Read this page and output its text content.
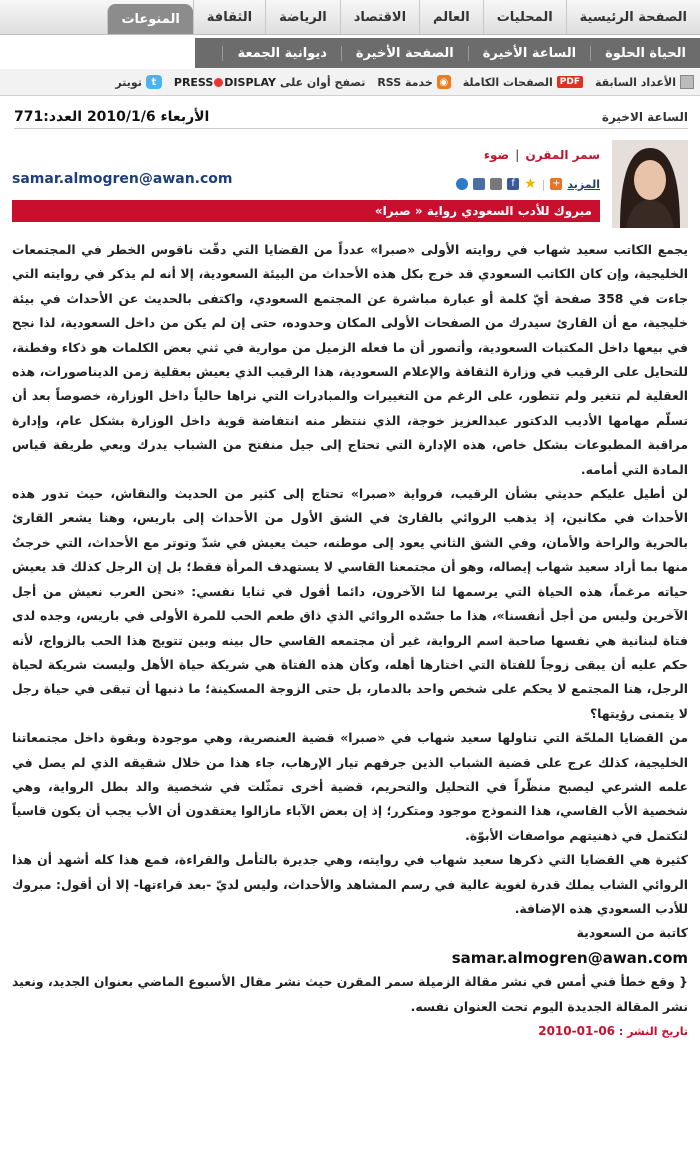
الصفحة الرئيسية
المحليات
العالم
الاقتصاد
الرياضة
الثقافة
المنوعات
الحياة الحلوة
الساعة الأخيرة
الصفحة الأخيرة
ديوانية الجمعة
الأعداد السابقة
PDF
الصفحات الكاملة
◉
خدمة RSS
تصفح أوان على
PRESS DISPLAY
t
تويتر
الساعة الاخيرة
الأربعاء 2010/1/6 العدد:771
سمر المقرن|ضوء
المزيد
+
|
★
f
samar.almogren@awan.com
مبروك للأدب السعودي رواية « صبرا»

يجمع الكاتب سعيد شهاب في روايته الأولى «صبرا» عدداً من القضايا التي دقّت ناقوس الخطر في المجتمعات الخليجية، وإن كان الكاتب السعودي قد خرج بكل هذه الأحداث من البيئة السعودية، إلا أنه لم يذكر في روايته التي جاءت في 358 صفحة أيّ كلمة أو عبارة مباشرة عن المجتمع السعودي، واكتفى بالحديث عن الأحداث في بيئة خليجية، مع أن القارئ سيدرك من الصفحات الأولى المكان وحدوده، حتى إن لم يكن من داخل السعودية، لذا نجح في بيعها داخل المكتبات السعودية، وأتصور أن ما فعله الزميل من موارية في ثني بعض الكلمات هو ذكاء وفطنة، للتحايل على الرقيب في وزارة الثقافة والإعلام السعودية، هذا الرقيب الذي يعيش بعقلية زمن الديناصورات، هذه العقلية لم تتغير ولم تتطور، على الرغم من التغييرات والمبادرات التي نراها حالياً داخل الوزارة، خصوصاً بعد أن تسلّم مهامها الأديب الدكتور عبدالعزيز خوجة، الذي ننتظر منه انتفاضة قوية داخل الوزارة بشكل عام، وإدارة مراقبة المطبوعات بشكل خاص، هذه الإدارة التي تحتاج إلى جيل منفتح من الشباب يدرك ويعي طريقة قياس المادة التي أمامه.

لن أطيل عليكم حديثي بشأن الرقيب، فرواية «صبرا» تحتاج إلى كثير من الحديث والنقاش، حيث تدور هذه الأحداث في مكانين، إذ يذهب الروائي بالقارئ في الشق الأول من الأحداث إلى باريس، وهنا يشعر القارئ بالحرية والراحة والأمان، وفي الشق الثاني يعود إلى موطنه، حيث يعيش في شدّ وتوتر مع الأحداث، التي خرجتُ منها بما أراد سعيد شهاب إيصاله، وهو أن مجتمعنا القاسي لا يستهدف المرأة فقط؛ بل إن الرجل كذلك قد يعيش حياته مرغماً، هذه الحياة التي يرسمها لنا الآخرون، دائما أقول في ثنايا نفسي: «نحن العرب نعيش من أجل الآخرين وليس من أجل أنفسنا»، هذا ما جسّده الروائي الذي ذاق طعم الحب للمرة الأولى في باريس، وجده لدى فتاة لبنانية هي نفسها صاحبة اسم الرواية، غير أن مجتمعه القاسي حال بينه وبين تتويج هذا الحب بالزواج، لأنه حكم عليه أن يبقى زوجاً للفتاة التي اختارها أهله، وكأن هذه الفتاة هي شريكة حياة الأهل وليست شريكة لحياة الرجل، هنا المجتمع لا يحكم على شخص واحد بالدمار، بل حتى الزوجة المسكينة؛ ما ذنبها أن تبقى في حياة رجل لا يتمنى رؤيتها؟

من القضايا الملحّة التي تناولها سعيد شهاب في «صبرا» قضية العنصرية، وهي موجودة وبقوة داخل مجتمعاتنا الخليجية، كذلك عرج على قضية الشباب الذين جرفهم تيار الإرهاب، جاء هذا من خلال شقيقه الذي لم يصل في علمه الشرعي ليصبح منظّراً في التحليل والتحريم، قضية أخرى تمثّلت في شخصية والد بطل الرواية، وهي شخصية الأب القاسي، هذا النموذج موجود ومتكرر؛ إذ إن بعض الآباء مازالوا يعتقدون أن الأب يجب أن يكون قاسياً لتكتمل في ذهنيتهم مواصفات الأبوّة.

كثيرة هي القضايا التي ذكرها سعيد شهاب في روايته، وهي جديرة بالتأمل والقراءة، فمع هذا كله أشهد أن هذا الروائي الشاب يملك قدرة لغوية عالية في رسم المشاهد والأحداث، وليس لديّ -بعد قراءتها- إلا أن أقول: مبروك للأدب السعودي هذه الإضافة.

كاتبة من السعودية

samar.almogren@awan.com

{ وقع خطأ فني أمس في نشر مقالة الزميلة سمر المقرن حيث نشر مقال الأسبوع الماضي بعنوان الجديد، ونعيد نشر المقالة الجديدة اليوم تحت العنوان نفسه.

تاريخ النشر : 06-01-2010
